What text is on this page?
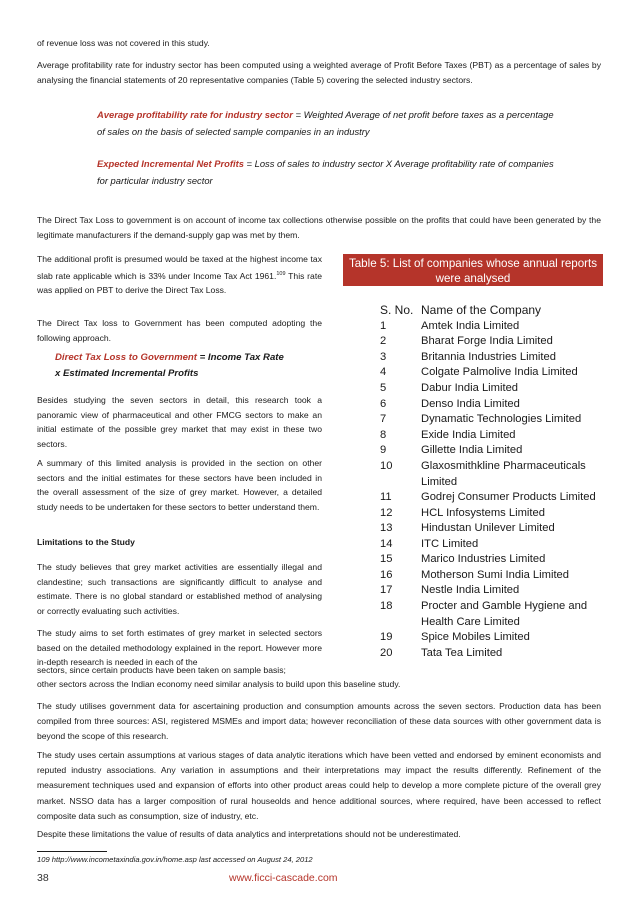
of revenue loss was not covered in this study.

Average profitability rate for industry sector has been computed using a weighted average of Profit Before Taxes (PBT) as a percentage of sales by analysing the financial statements of 20 representative companies (Table 5) covering the selected industry sectors.

Average profitability rate for industry sector = Weighted Average of net profit before taxes as a percentage of sales on the basis of selected sample companies in an industry

Expected Incremental Net Profits = Loss of sales to industry sector X Average profitability rate of companies for particular industry sector

The Direct Tax Loss to government is on account of income tax collections otherwise possible on the profits that could have been generated by the legitimate manufacturers if the demand-supply gap was met by them.

The additional profit is presumed would be taxed at the highest income tax slab rate applicable which is 33% under Income Tax Act 1961.$^{109}$ This rate was applied on PBT to derive the Direct Tax Loss.

The Direct Tax loss to Government has been computed adopting the following approach.

Direct Tax Loss to Government = Income Tax Rate
x Estimated Incremental Profits

Besides studying the seven sectors in detail, this research took a panoramic view of pharmaceutical and other FMCG sectors to make an initial estimate of the possible grey market that may exist in these two sectors.

A summary of this limited analysis is provided in the section on other sectors and the initial estimates for these sectors have been included in the overall assessment of the size of grey market. However, a detailed study needs to be undertaken for these sectors to better understand them.

Limitations to the Study

The study believes that grey market activities are essentially illegal and clandestine; such transactions are significantly difficult to analyse and estimate. There is no global standard or established method of analysing or correctly evaluating such activities.

The study aims to set forth estimates of grey market in selected sectors based on the detailed methodology explained in the report. However more in-depth research is needed in each of the

sectors, since certain products have been taken on sample basis;

other sectors across the Indian economy need similar analysis to build upon this baseline study.

Table 5: List of companies whose annual reports were analysed
S. No. Name of the Company
1	Amtek India Limited
2	Bharat Forge India Limited
3	Britannia Industries Limited
4	Colgate Palmolive India Limited
5	Dabur India Limited
6	Denso India Limited
7	Dynamatic Technologies Limited
8	Exide India Limited
9	Gillette India Limited
10	Glaxosmithkline Pharmaceuticals Limited
11	Godrej Consumer Products Limited
12	HCL Infosystems Limited
13	Hindustan Unilever Limited
14	ITC Limited
15	Marico Industries Limited
16	Motherson Sumi India Limited
17	Nestle India Limited
18	Procter and Gamble Hygiene and Health Care Limited
19	Spice Mobiles Limited
20	Tata Tea Limited

The study utilises government data for ascertaining production and consumption amounts across the seven sectors. Production data has been compiled from three sources: ASI, registered MSMEs and import data; however reconciliation of these data sources with other government data is beyond the scope of this research.

The study uses certain assumptions at various stages of data analytic iterations which have been vetted and endorsed by eminent economists and reputed industry associations. Any variation in assumptions and their interpretations may impact the results differently. Refinement of the measurement techniques used and expansion of efforts into other product areas could help to develop a more complete picture of the overall grey market. NSSO data has a larger composition of rural houseolds and hence additional sources, where required, have been accessed to reflect composite data such as consumption, size of industry, etc.

Despite these limitations the value of results of data analytics and interpretations should not be underestimated.

109 http://www.incometaxindia.gov.in/home.asp last accessed on August 24, 2012
38	www.ficci-cascade.com
